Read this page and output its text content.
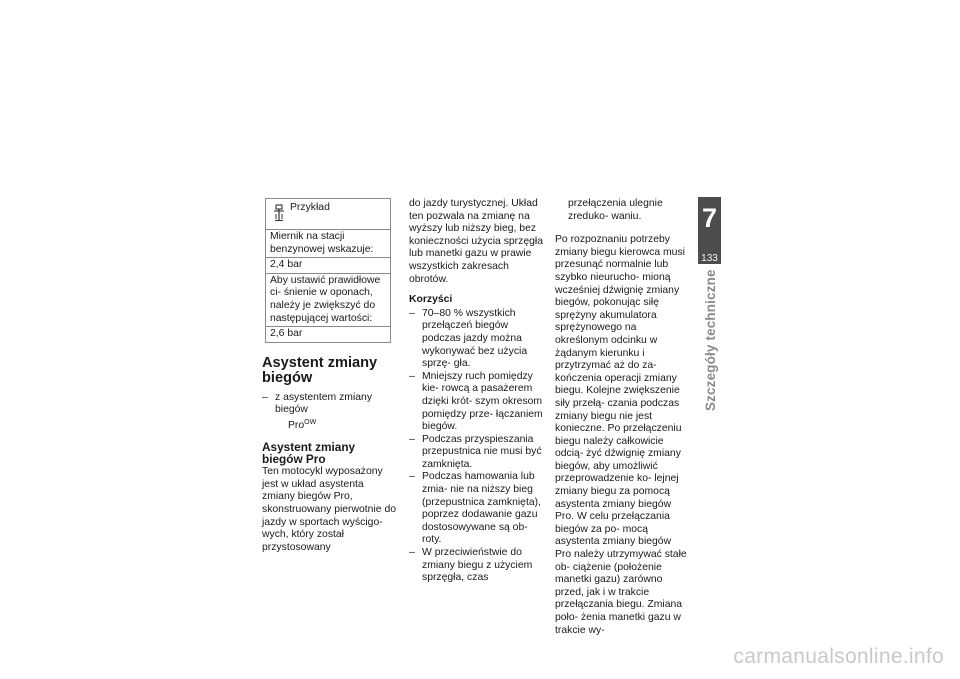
Przykład

Miernik na stacji benzynowej wskazuje:
2,4 bar
Aby ustawić prawidłowe ci- śnienie w oponach, należy je zwiększyć do następującej wartości:
2,6 bar
Asystent zmiany biegów
– z asystentem zmiany biegów
Pro$^{OW}$
Asystent zmiany biegów Pro

Ten motocykl wyposażony jest w układ asystenta zmiany biegów Pro, skonstruowany pierwotnie do jazdy w sportach wyścigo- wych, który został przystosowany

do jazdy turystycznej. Układ ten pozwala na zmianę na wyższy lub niższy bieg, bez konieczności użycia sprzęgła lub manetki gazu w prawie wszystkich zakresach obrotów.

Korzyści
– 70–80 % wszystkich przełączeń biegów podczas jazdy można wykonywać bez użycia sprzę- gła.
– Mniejszy ruch pomiędzy kie- rowcą a pasażerem dzięki krót- szym okresom pomiędzy prze- łączaniem biegów.
– Podczas przyspieszania przepustnica nie musi być zamknięta.
– Podczas hamowania lub zmia- nie na niższy bieg (przepustnica zamknięta), poprzez dodawanie gazu dostosowywane są ob- roty.
– W przeciwieństwie do zmiany biegu z użyciem sprzęgła, czas

przełączenia ulegnie zreduko- waniu.

Po rozpoznaniu potrzeby zmiany biegu kierowca musi przesunąć normalnie lub szybko nieurucho- mioną wcześniej dźwignię zmiany biegów, pokonując siłę sprężyny akumulatora sprężynowego na określonym odcinku w żądanym kierunku i przytrzymać aż do za- kończenia operacji zmiany biegu. Kolejne zwiększenie siły przełą- czania podczas zmiany biegu nie jest konieczne. Po przełączeniu biegu należy całkowicie odcią- żyć dźwignię zmiany biegów, aby umożliwić przeprowadzenie ko- lejnej zmiany biegu za pomocą asystenta zmiany biegów Pro. W celu przełączania biegów za po- mocą asystenta zmiany biegów Pro należy utrzymywać stałe ob- ciążenie (położenie manetki gazu) zarówno przed, jak i w trakcie przełączania biegu. Zmiana poło- żenia manetki gazu w trakcie wy-

7
133
Szczegóły techniczne
carmanualsonline.info
